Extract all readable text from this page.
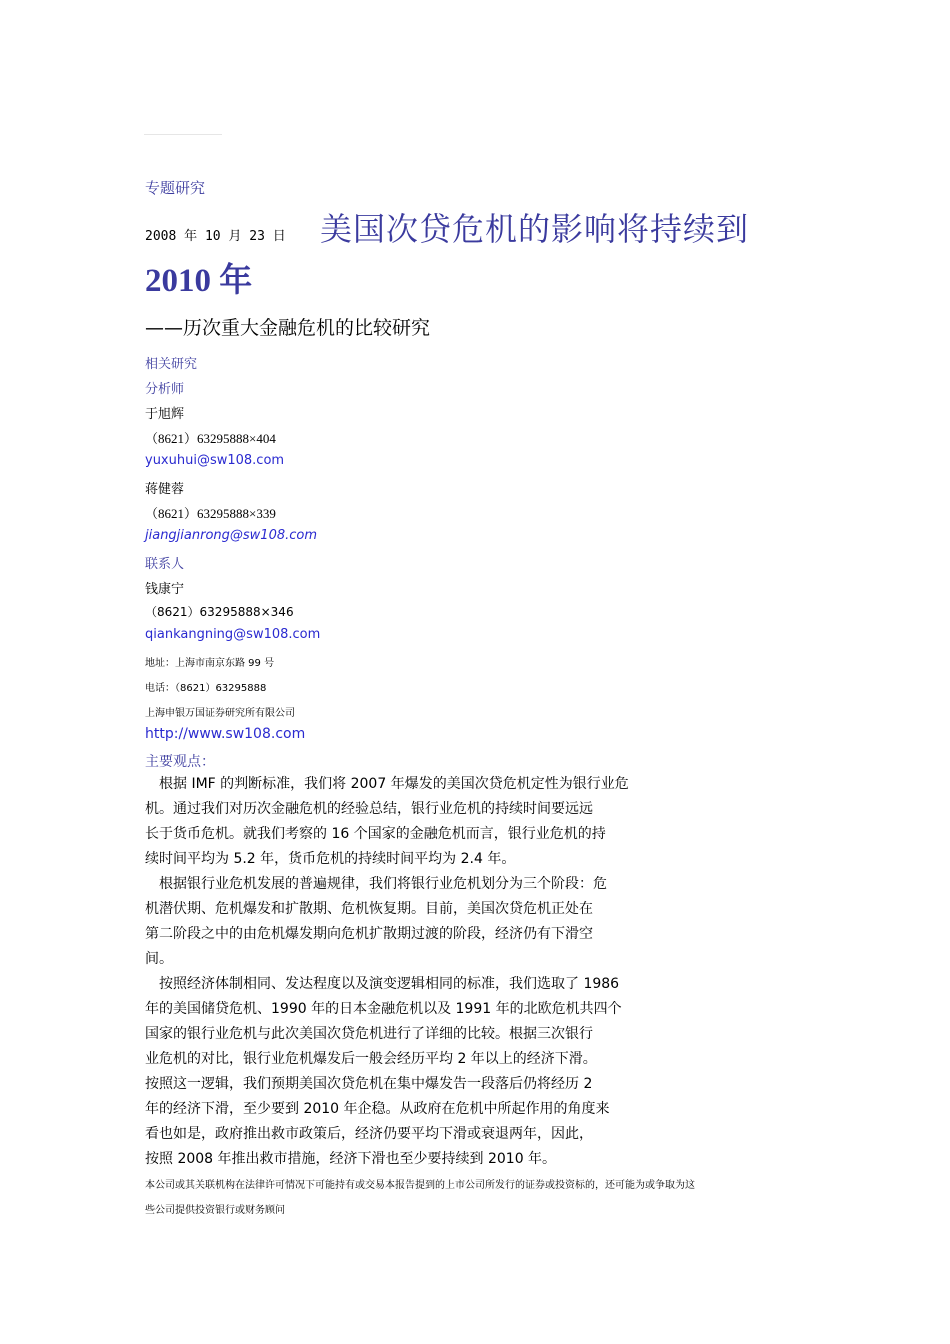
专题研究
2008 年 10 月 23 日 美国次贷危机的影响将持续到
2010 年
——历次重大金融危机的比较研究
相关研究
分析师
于旭辉
（8621）63295888×404
yuxuhui@sw108.com
蒋健蓉
（8621）63295888×339
jiangjianrong@sw108.com
联系人
钱康宁
（8621）63295888×346
qiankangning@sw108.com
地址：上海市南京东路 99 号
电话：（8621）63295888
上海申银万国证券研究所有限公司
http://www.sw108.com
主要观点：
　根据 IMF 的判断标准，我们将 2007 年爆发的美国次贷危机定性为银行业危
机。通过我们对历次金融危机的经验总结，银行业危机的持续时间要远远
长于货币危机。就我们考察的 16 个国家的金融危机而言，银行业危机的持
续时间平均为 5.2 年，货币危机的持续时间平均为 2.4 年。
　根据银行业危机发展的普遍规律，我们将银行业危机划分为三个阶段：危
机潜伏期、危机爆发和扩散期、危机恢复期。目前，美国次贷危机正处在
第二阶段之中的由危机爆发期向危机扩散期过渡的阶段，经济仍有下滑空
间。
　按照经济体制相同、发达程度以及演变逻辑相同的标准，我们选取了 1986
年的美国储贷危机、1990 年的日本金融危机以及 1991 年的北欧危机共四个
国家的银行业危机与此次美国次贷危机进行了详细的比较。根据三次银行
业危机的对比，银行业危机爆发后一般会经历平均 2 年以上的经济下滑。
按照这一逻辑，我们预期美国次贷危机在集中爆发告一段落后仍将经历 2
年的经济下滑，至少要到 2010 年企稳。从政府在危机中所起作用的角度来
看也如是，政府推出救市政策后，经济仍要平均下滑或衰退两年，因此，
按照 2008 年推出救市措施，经济下滑也至少要持续到 2010 年。
本公司或其关联机构在法律许可情况下可能持有或交易本报告提到的上市公司所发行的证券或投资标的，还可能为或争取为这
些公司提供投资银行或财务顾问
